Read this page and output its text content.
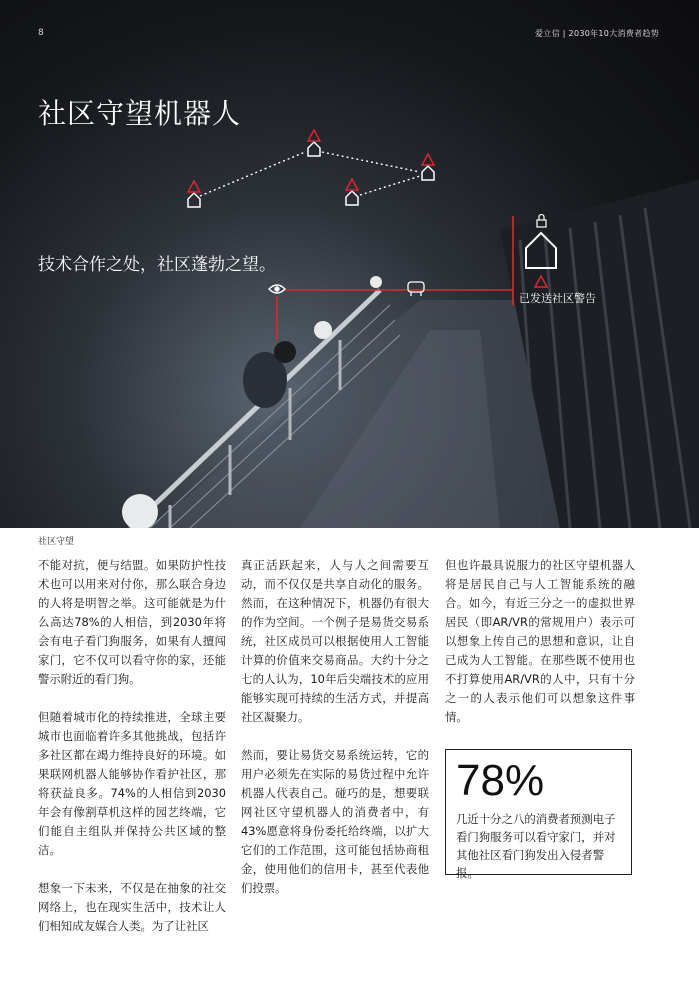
8	爱立信 | 2030年10大消费者趋势
社区守望机器人
技术合作之处，社区蓬勃之望。
已发送社区警告
社区守望

不能对抗，便与结盟。如果防护性技术也可以用来对付你，那么联合身边的人将是明智之举。这可能就是为什么高达78%的人相信，到2030年将会有电子看门狗服务，如果有人擅闯家门，它不仅可以看守你的家，还能警示附近的看门狗。

但随着城市化的持续推进，全球主要城市也面临着许多其他挑战，包括许多社区都在竭力维持良好的环境。如果联网机器人能够协作看护社区，那将获益良多。74%的人相信到2030年会有像割草机这样的园艺终端，它们能自主组队并保持公共区域的整洁。

想象一下未来，不仅是在抽象的社交网络上，也在现实生活中，技术让人们相知成友媒合人类。为了让社区

真正活跃起来，人与人之间需要互动，而不仅仅是共享自动化的服务。然而，在这种情况下，机器仍有很大的作为空间。一个例子是易货交易系统，社区成员可以根据使用人工智能计算的价值来交易商品。大约十分之七的人认为，10年后尖端技术的应用能够实现可持续的生活方式，并提高社区凝聚力。

然而，要让易货交易系统运转，它的用户必须先在实际的易货过程中允许机器人代表自己。碰巧的是，想要联网社区守望机器人的消费者中，有43%愿意将身份委托给终端，以扩大它们的工作范围，这可能包括协商租金，使用他们的信用卡，甚至代表他们投票。

但也许最具说服力的社区守望机器人将是居民自己与人工智能系统的融合。如今，有近三分之一的虚拟世界居民（即AR/VR的常规用户）表示可以想象上传自己的思想和意识，让自己成为人工智能。在那些既不使用也不打算使用AR/VR的人中，只有十分之一的人表示他们可以想象这件事情。

78%
几近十分之八的消费者预测电子看门狗服务可以看守家门，并对其他社区看门狗发出入侵者警报。
